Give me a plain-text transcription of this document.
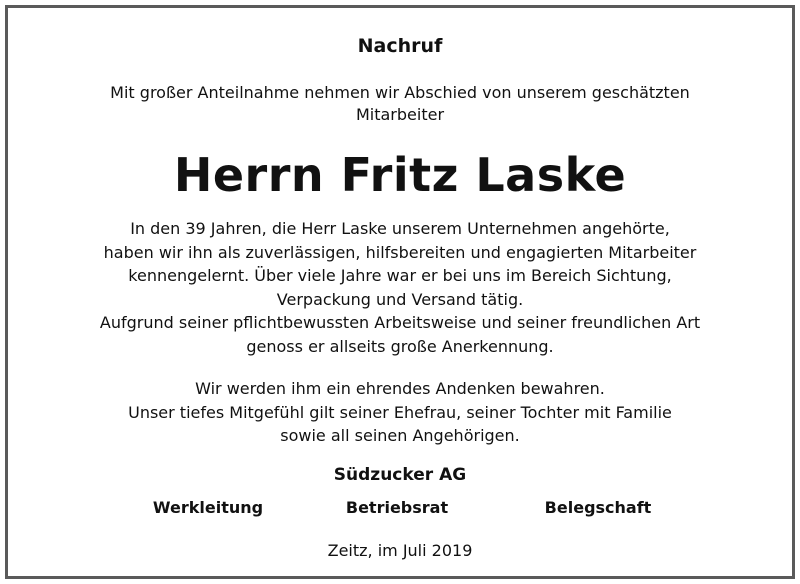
Nachruf
Mit großer Anteilnahme nehmen wir Abschied von unserem geschätzten
Mitarbeiter
Herrn Fritz Laske
In den 39 Jahren, die Herr Laske unserem Unternehmen angehörte,
haben wir ihn als zuverlässigen, hilfsbereiten und engagierten Mitarbeiter
kennengelernt. Über viele Jahre war er bei uns im Bereich Sichtung,
Verpackung und Versand tätig.
Aufgrund seiner pflichtbewussten Arbeitsweise und seiner freundlichen Art
genoss er allseits große Anerkennung.
Wir werden ihm ein ehrendes Andenken bewahren.
Unser tiefes Mitgefühl gilt seiner Ehefrau, seiner Tochter mit Familie
sowie all seinen Angehörigen.
Südzucker AG
Werkleitung	Betriebsrat	Belegschaft
Zeitz, im Juli 2019
